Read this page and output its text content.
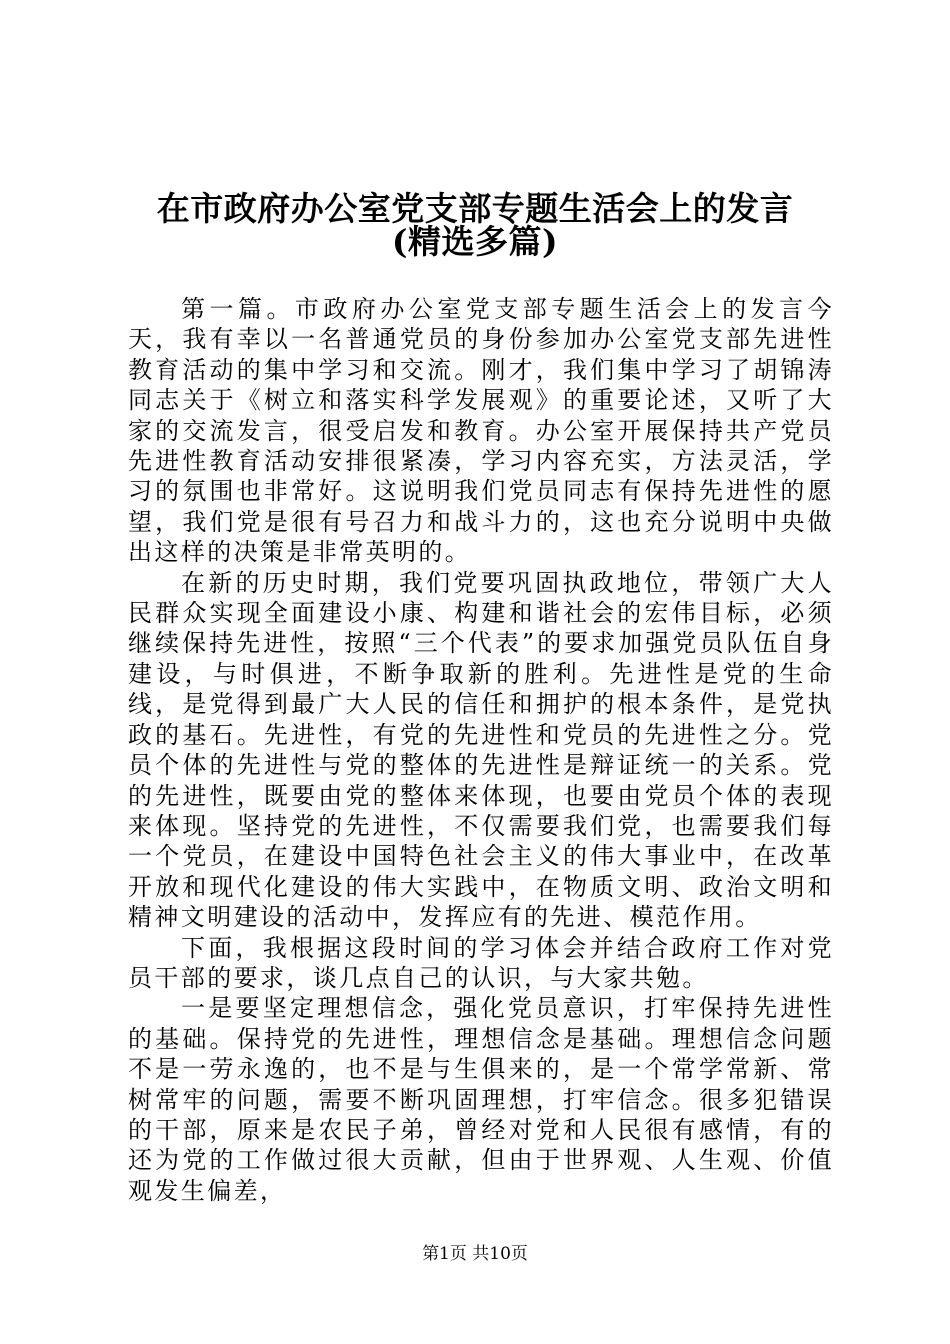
在市政府办公室党支部专题生活会上的发言
(精选多篇)

第一篇。市政府办公室党支部专题生活会上的发言今天，我有幸以一名普通党员的身份参加办公室党支部先进性教育活动的集中学习和交流。刚才，我们集中学习了胡锦涛同志关于《树立和落实科学发展观》的重要论述，又听了大家的交流发言，很受启发和教育。办公室开展保持共产党员先进性教育活动安排很紧凑，学习内容充实，方法灵活，学习的氛围也非常好。这说明我们党员同志有保持先进性的愿望，我们党是很有号召力和战斗力的，这也充分说明中央做出这样的决策是非常英明的。

在新的历史时期，我们党要巩固执政地位，带领广大人民群众实现全面建设小康、构建和谐社会的宏伟目标，必须继续保持先进性，按照“三个代表”的要求加强党员队伍自身建设，与时俱进，不断争取新的胜利。先进性是党的生命线，是党得到最广大人民的信任和拥护的根本条件，是党执政的基石。先进性，有党的先进性和党员的先进性之分。党员个体的先进性与党的整体的先进性是辩证统一的关系。党的先进性，既要由党的整体来体现，也要由党员个体的表现来体现。坚持党的先进性，不仅需要我们党，也需要我们每一个党员，在建设中国特色社会主义的伟大事业中，在改革开放和现代化建设的伟大实践中，在物质文明、政治文明和精神文明建设的活动中，发挥应有的先进、模范作用。

下面，我根据这段时间的学习体会并结合政府工作对党员干部的要求，谈几点自己的认识，与大家共勉。

一是要坚定理想信念，强化党员意识，打牢保持先进性的基础。保持党的先进性，理想信念是基础。理想信念问题不是一劳永逸的，也不是与生俱来的，是一个常学常新、常树常牢的问题，需要不断巩固理想，打牢信念。很多犯错误的干部，原来是农民子弟，曾经对党和人民很有感情，有的还为党的工作做过很大贡献，但由于世界观、人生观、价值观发生偏差，

第1页 共10页
